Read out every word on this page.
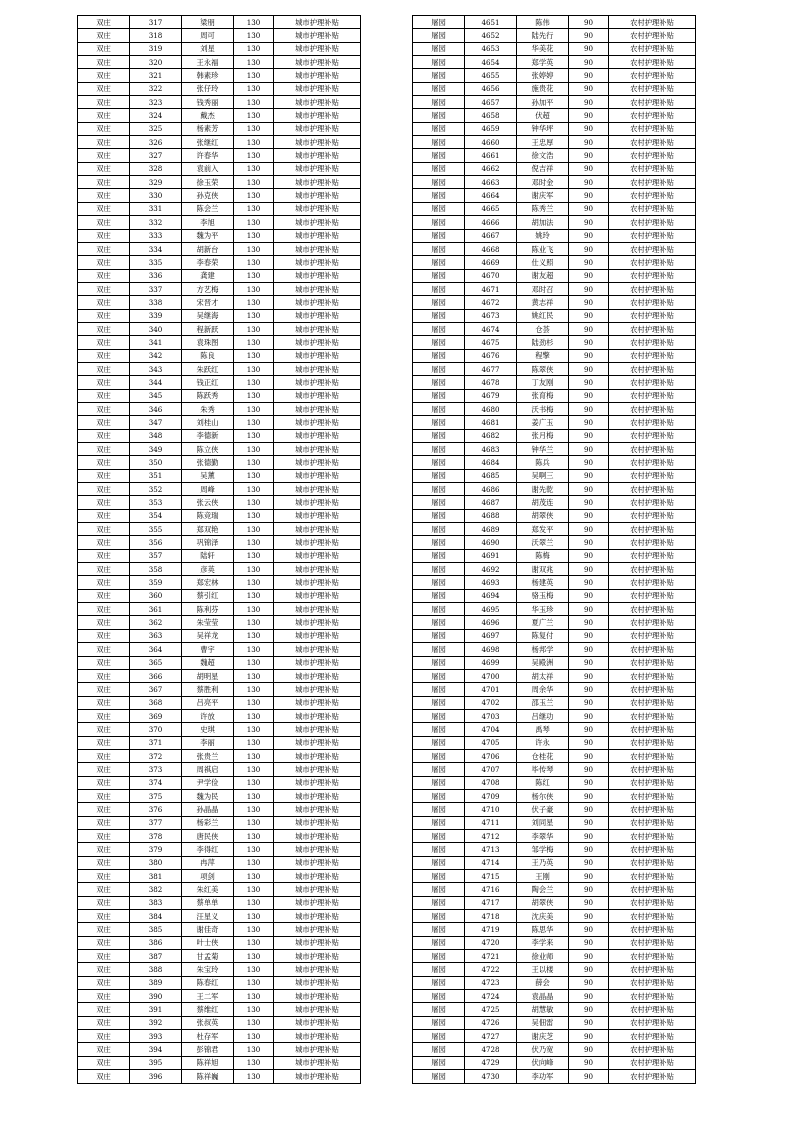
双庄	317	梁朋	130	城市护理补贴
双庄	318	周可	130	城市护理补贴
双庄	319	刘星	130	城市护理补贴
双庄	320	王永福	130	城市护理补贴
双庄	321	韩素珍	130	城市护理补贴
双庄	322	张仔玲	130	城市护理补贴
双庄	323	钱秀丽	130	城市护理补贴
双庄	324	戴杰	130	城市护理补贴
双庄	325	杨素芳	130	城市护理补贴
双庄	326	张继红	130	城市护理补贴
双庄	327	许春华	130	城市护理补贴
双庄	328	袁前入	130	城市护理补贴
双庄	329	徐玉荣	130	城市护理补贴
双庄	330	孙克侠	130	城市护理补贴
双庄	331	陈会兰	130	城市护理补贴
双庄	332	李旭	130	城市护理补贴
双庄	333	魏为平	130	城市护理补贴
双庄	334	胡新台	130	城市护理补贴
双庄	335	李春荣	130	城市护理补贴
双庄	336	龚建	130	城市护理补贴
双庄	337	方艺梅	130	城市护理补贴
双庄	338	宋晋才	130	城市护理补贴
双庄	339	吴继海	130	城市护理补贴
双庄	340	程新跃	130	城市护理补贴
双庄	341	袁珠图	130	城市护理补贴
双庄	342	陈良	130	城市护理补贴
双庄	343	朱跃红	130	城市护理补贴
双庄	344	钱正红	130	城市护理补贴
双庄	345	陈跃秀	130	城市护理补贴
双庄	346	朱秀	130	城市护理补贴
双庄	347	刘桂山	130	城市护理补贴
双庄	348	李德新	130	城市护理补贴
双庄	349	陈立侠	130	城市护理补贴
双庄	350	张德勤	130	城市护理补贴
双庄	351	吴薰	130	城市护理补贴
双庄	352	周峰	130	城市护理补贴
双庄	353	张云侠	130	城市护理补贴
双庄	354	陈竞瑞	130	城市护理补贴
双庄	355	郑双艳	130	城市护理补贴
双庄	356	巩锦泽	130	城市护理补贴
双庄	357	陆轩	130	城市护理补贴
双庄	358	彦英	130	城市护理补贴
双庄	359	郑宏林	130	城市护理补贴
双庄	360	蔡引红	130	城市护理补贴
双庄	361	陈利芬	130	城市护理补贴
双庄	362	朱莹莹	130	城市护理补贴
双庄	363	吴祥龙	130	城市护理补贴
双庄	364	曹宇	130	城市护理补贴
双庄	365	魏超	130	城市护理补贴
双庄	366	胡明星	130	城市护理补贴
双庄	367	蔡胜利	130	城市护理补贴
双庄	368	吕亮平	130	城市护理补贴
双庄	369	许放	130	城市护理补贴
双庄	370	史琪	130	城市护理补贴
双庄	371	李丽	130	城市护理补贴
双庄	372	张贵兰	130	城市护理补贴
双庄	373	周祺启	130	城市护理补贴
双庄	374	尹学俭	130	城市护理补贴
双庄	375	魏为民	130	城市护理补贴
双庄	376	孙晶晶	130	城市护理补贴
双庄	377	杨彩兰	130	城市护理补贴
双庄	378	唐民侠	130	城市护理补贴
双庄	379	李得红	130	城市护理补贴
双庄	380	冉萍	130	城市护理补贴
双庄	381	项剑	130	城市护理补贴
双庄	382	朱红美	130	城市护理补贴
双庄	383	蔡单单	130	城市护理补贴
双庄	384	汪星义	130	城市护理补贴
双庄	385	谢佳奇	130	城市护理补贴
双庄	386	叶士侠	130	城市护理补贴
双庄	387	甘孟菊	130	城市护理补贴
双庄	388	朱宝玲	130	城市护理补贴
双庄	389	陈春红	130	城市护理补贴
双庄	390	王二军	130	城市护理补贴
双庄	391	蔡维红	130	城市护理补贴
双庄	392	张叔英	130	城市护理补贴
双庄	393	杜存军	130	城市护理补贴
双庄	394	彭锦君	130	城市护理补贴
双庄	395	陈祥旭	130	城市护理补贴
双庄	396	陈祥巍	130	城市护理补贴
屠园	4651	陈伟	90	农村护理补贴
屠园	4652	陆先行	90	农村护理补贴
屠园	4653	华美花	90	农村护理补贴
屠园	4654	郑学英	90	农村护理补贴
屠园	4655	张婷婷	90	农村护理补贴
屠园	4656	施贵花	90	农村护理补贴
屠园	4657	孙加平	90	农村护理补贴
屠园	4658	伏超	90	农村护理补贴
屠园	4659	钟华坪	90	农村护理补贴
屠园	4660	王忠厚	90	农村护理补贴
屠园	4661	徐文浩	90	农村护理补贴
屠园	4662	倪吉祥	90	农村护理补贴
屠园	4663	邓时金	90	农村护理补贴
屠园	4664	谢庆军	90	农村护理补贴
屠园	4665	陈秀兰	90	农村护理补贴
屠园	4666	胡加法	90	农村护理补贴
屠园	4667	姚玲	90	农村护理补贴
屠园	4668	陈业飞	90	农村护理补贴
屠园	4669	仕义照	90	农村护理补贴
屠园	4670	谢友超	90	农村护理补贴
屠园	4671	邓时召	90	农村护理补贴
屠园	4672	黄志祥	90	农村护理补贴
屠园	4673	姚红民	90	农村护理补贴
屠园	4674	仓荟	90	农村护理补贴
屠园	4675	陆劲杉	90	农村护理补贴
屠园	4676	程擎	90	农村护理补贴
屠园	4677	陈翠侠	90	农村护理补贴
屠园	4678	丁友刚	90	农村护理补贴
屠园	4679	张育梅	90	农村护理补贴
屠园	4680	沃书梅	90	农村护理补贴
屠园	4681	姜广玉	90	农村护理补贴
屠园	4682	张月梅	90	农村护理补贴
屠园	4683	钟华兰	90	农村护理补贴
屠园	4684	陈兵	90	农村护理补贴
屠园	4685	吴啊三	90	农村护理补贴
屠园	4686	谢先乾	90	农村护理补贴
屠园	4687	胡茂连	90	农村护理补贴
屠园	4688	胡翠侠	90	农村护理补贴
屠园	4689	郑发平	90	农村护理补贴
屠园	4690	沃翠兰	90	农村护理补贴
屠园	4691	陈梅	90	农村护理补贴
屠园	4692	谢双兆	90	农村护理补贴
屠园	4693	杨建英	90	农村护理补贴
屠园	4694	骆玉梅	90	农村护理补贴
屠园	4695	华玉珍	90	农村护理补贴
屠园	4696	夏广兰	90	农村护理补贴
屠园	4697	陈复付	90	农村护理补贴
屠园	4698	杨邦学	90	农村护理补贴
屠园	4699	吴殿洲	90	农村护理补贴
屠园	4700	胡太祥	90	农村护理补贴
屠园	4701	周余华	90	农村护理补贴
屠园	4702	邵玉兰	90	农村护理补贴
屠园	4703	吕继功	90	农村护理补贴
屠园	4704	禹琴	90	农村护理补贴
屠园	4705	许永	90	农村护理补贴
屠园	4706	仓桂花	90	农村护理补贴
屠园	4707	毕传琴	90	农村护理补贴
屠园	4708	陈红	90	农村护理补贴
屠园	4709	杨尔侠	90	农村护理补贴
屠园	4710	伏子豪	90	农村护理补贴
屠园	4711	刘同星	90	农村护理补贴
屠园	4712	李翠华	90	农村护理补贴
屠园	4713	邹学梅	90	农村护理补贴
屠园	4714	王乃英	90	农村护理补贴
屠园	4715	王刚	90	农村护理补贴
屠园	4716	陶会兰	90	农村护理补贴
屠园	4717	胡翠侠	90	农村护理补贴
屠园	4718	沈庆美	90	农村护理补贴
屠园	4719	陈思华	90	农村护理补贴
屠园	4720	李学来	90	农村护理补贴
屠园	4721	徐业师	90	农村护理补贴
屠园	4722	王以楼	90	农村护理补贴
屠园	4723	薛会	90	农村护理补贴
屠园	4724	袁晶晶	90	农村护理补贴
屠园	4725	胡慧敏	90	农村护理补贴
屠园	4726	吴佃雷	90	农村护理补贴
屠园	4727	谢庆芝	90	农村护理补贴
屠园	4728	伏乃宽	90	农村护理补贴
屠园	4729	伏向峰	90	农村护理补贴
屠园	4730	李功军	90	农村护理补贴
